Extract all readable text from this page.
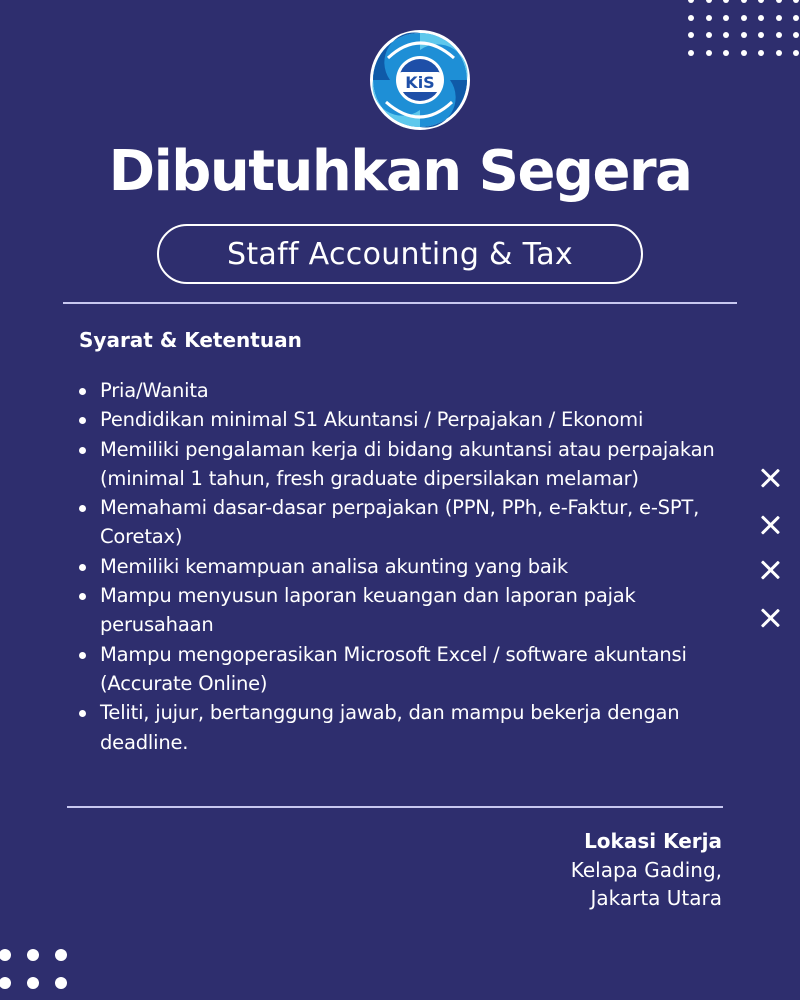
KiS
Dibutuhkan Segera
Staff Accounting & Tax
Syarat & Ketentuan
Pria/Wanita
Pendidikan minimal S1 Akuntansi / Perpajakan / Ekonomi
Memiliki pengalaman kerja di bidang akuntansi atau perpajakan (minimal 1 tahun, fresh graduate dipersilakan melamar)
Memahami dasar-dasar perpajakan (PPN, PPh, e-Faktur, e-SPT, Coretax)
Memiliki kemampuan analisa akunting yang baik
Mampu menyusun laporan keuangan dan laporan pajak perusahaan
Mampu mengoperasikan Microsoft Excel / software akuntansi (Accurate Online)
Teliti, jujur, bertanggung jawab, dan mampu bekerja dengan deadline.
Lokasi Kerja
Kelapa Gading,
Jakarta Utara
